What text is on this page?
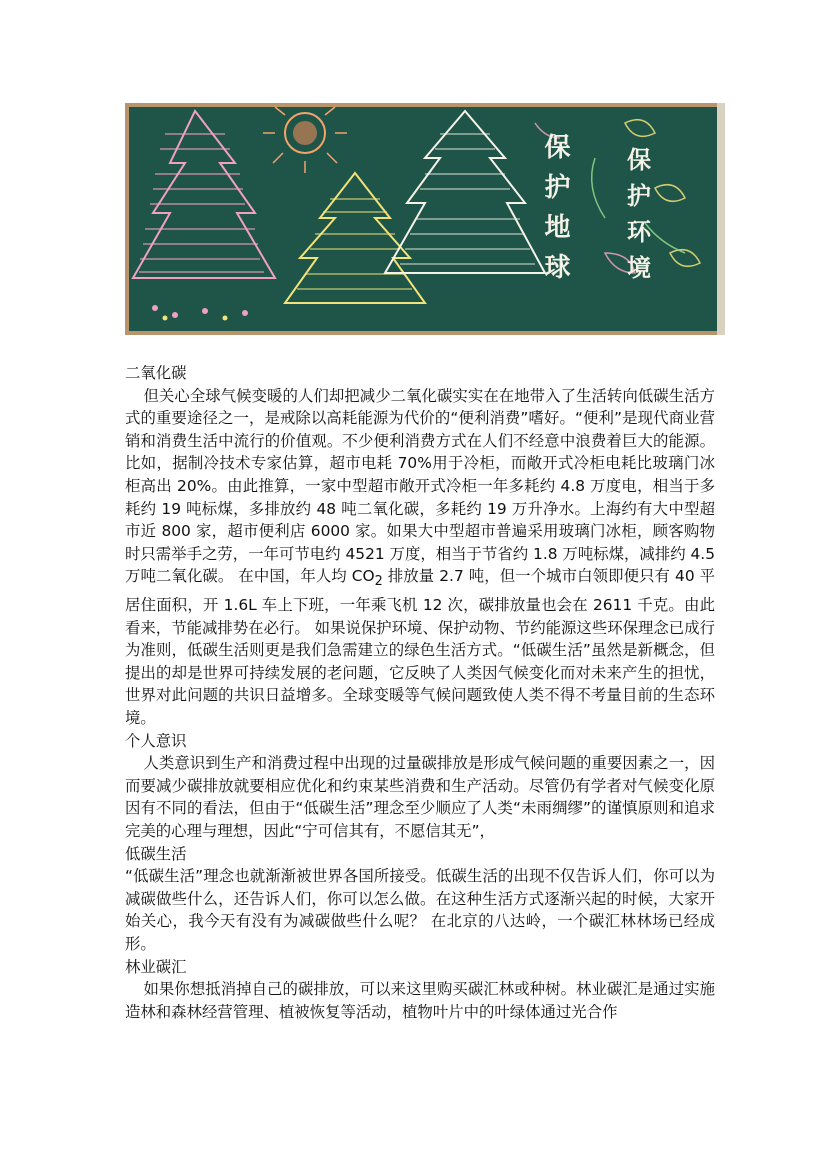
保护地球 保护环境
二氧化碳

但关心全球气候变暖的人们却把减少二氧化碳实实在在地带入了生活转向低碳生活方式的重要途径之一，是戒除以高耗能源为代价的“便利消费”嗜好。“便利”是现代商业营销和消费生活中流行的价值观。不少便利消费方式在人们不经意中浪费着巨大的能源。比如，据制冷技术专家估算，超市电耗 70%用于冷柜，而敞开式冷柜电耗比玻璃门冰柜高出 20%。由此推算，一家中型超市敞开式冷柜一年多耗约 4.8 万度电，相当于多耗约 19 吨标煤，多排放约 48 吨二氧化碳，多耗约 19 万升净水。上海约有大中型超市近 800 家，超市便利店 6000 家。如果大中型超市普遍采用玻璃门冰柜，顾客购物时只需举手之劳，一年可节电约 4521 万度，相当于节省约 1.8 万吨标煤，减排约 4.5 万吨二氧化碳。 在中国，年人均 $CO_2$ 排放量 2.7 吨，但一个城市白领即便只有 40 平居住面积，开 1.6L 车上下班，一年乘飞机 12 次，碳排放量也会在 2611 千克。由此看来，节能减排势在必行。 如果说保护环境、保护动物、节约能源这些环保理念已成行为准则，低碳生活则更是我们急需建立的绿色生活方式。“低碳生活”虽然是新概念，但提出的却是世界可持续发展的老问题，它反映了人类因气候变化而对未来产生的担忧，世界对此问题的共识日益增多。全球变暖等气候问题致使人类不得不考量目前的生态环境。

个人意识

人类意识到生产和消费过程中出现的过量碳排放是形成气候问题的重要因素之一，因而要减少碳排放就要相应优化和约束某些消费和生产活动。尽管仍有学者对气候变化原因有不同的看法，但由于“低碳生活”理念至少顺应了人类“未雨绸缪”的谨慎原则和追求完美的心理与理想，因此“宁可信其有，不愿信其无”，

低碳生活

“低碳生活”理念也就渐渐被世界各国所接受。低碳生活的出现不仅告诉人们，你可以为减碳做些什么，还告诉人们，你可以怎么做。在这种生活方式逐渐兴起的时候，大家开始关心，我今天有没有为减碳做些什么呢？ 在北京的八达岭，一个碳汇林林场已经成形。

林业碳汇

如果你想抵消掉自己的碳排放，可以来这里购买碳汇林或种树。林业碳汇是通过实施造林和森林经营管理、植被恢复等活动，植物叶片中的叶绿体通过光合作
